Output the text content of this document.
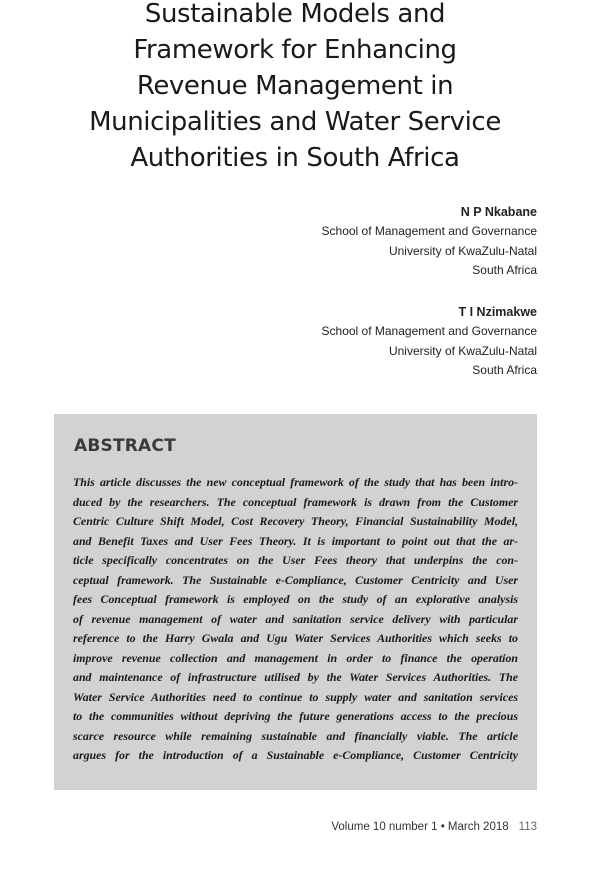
Sustainable Models and
Framework for Enhancing
Revenue Management in
Municipalities and Water Service
Authorities in South Africa
N P Nkabane
School of Management and Governance
University of KwaZulu-Natal
South Africa
T I Nzimakwe
School of Management and Governance
University of KwaZulu-Natal
South Africa
ABSTRACT
This article discusses the new conceptual framework of the study that has been intro-
duced by the researchers. The conceptual framework is drawn from the Customer
Centric Culture Shift Model, Cost Recovery Theory, Financial Sustainability Model,
and Benefit Taxes and User Fees Theory. It is important to point out that the ar-
ticle specifically concentrates on the User Fees theory that underpins the con-
ceptual framework. The Sustainable e-Compliance, Customer Centricity and User
fees Conceptual framework is employed on the study of an explorative analysis
of revenue management of water and sanitation service delivery with particular
reference to the Harry Gwala and Ugu Water Services Authorities which seeks to
improve revenue collection and management in order to finance the operation
and maintenance of infrastructure utilised by the Water Services Authorities. The
Water Service Authorities need to continue to supply water and sanitation services
to the communities without depriving the future generations access to the precious
scarce resource while remaining sustainable and financially viable. The article
argues for the introduction of a Sustainable e-Compliance, Customer Centricity
Volume 10 number 1 • March 2018 113
